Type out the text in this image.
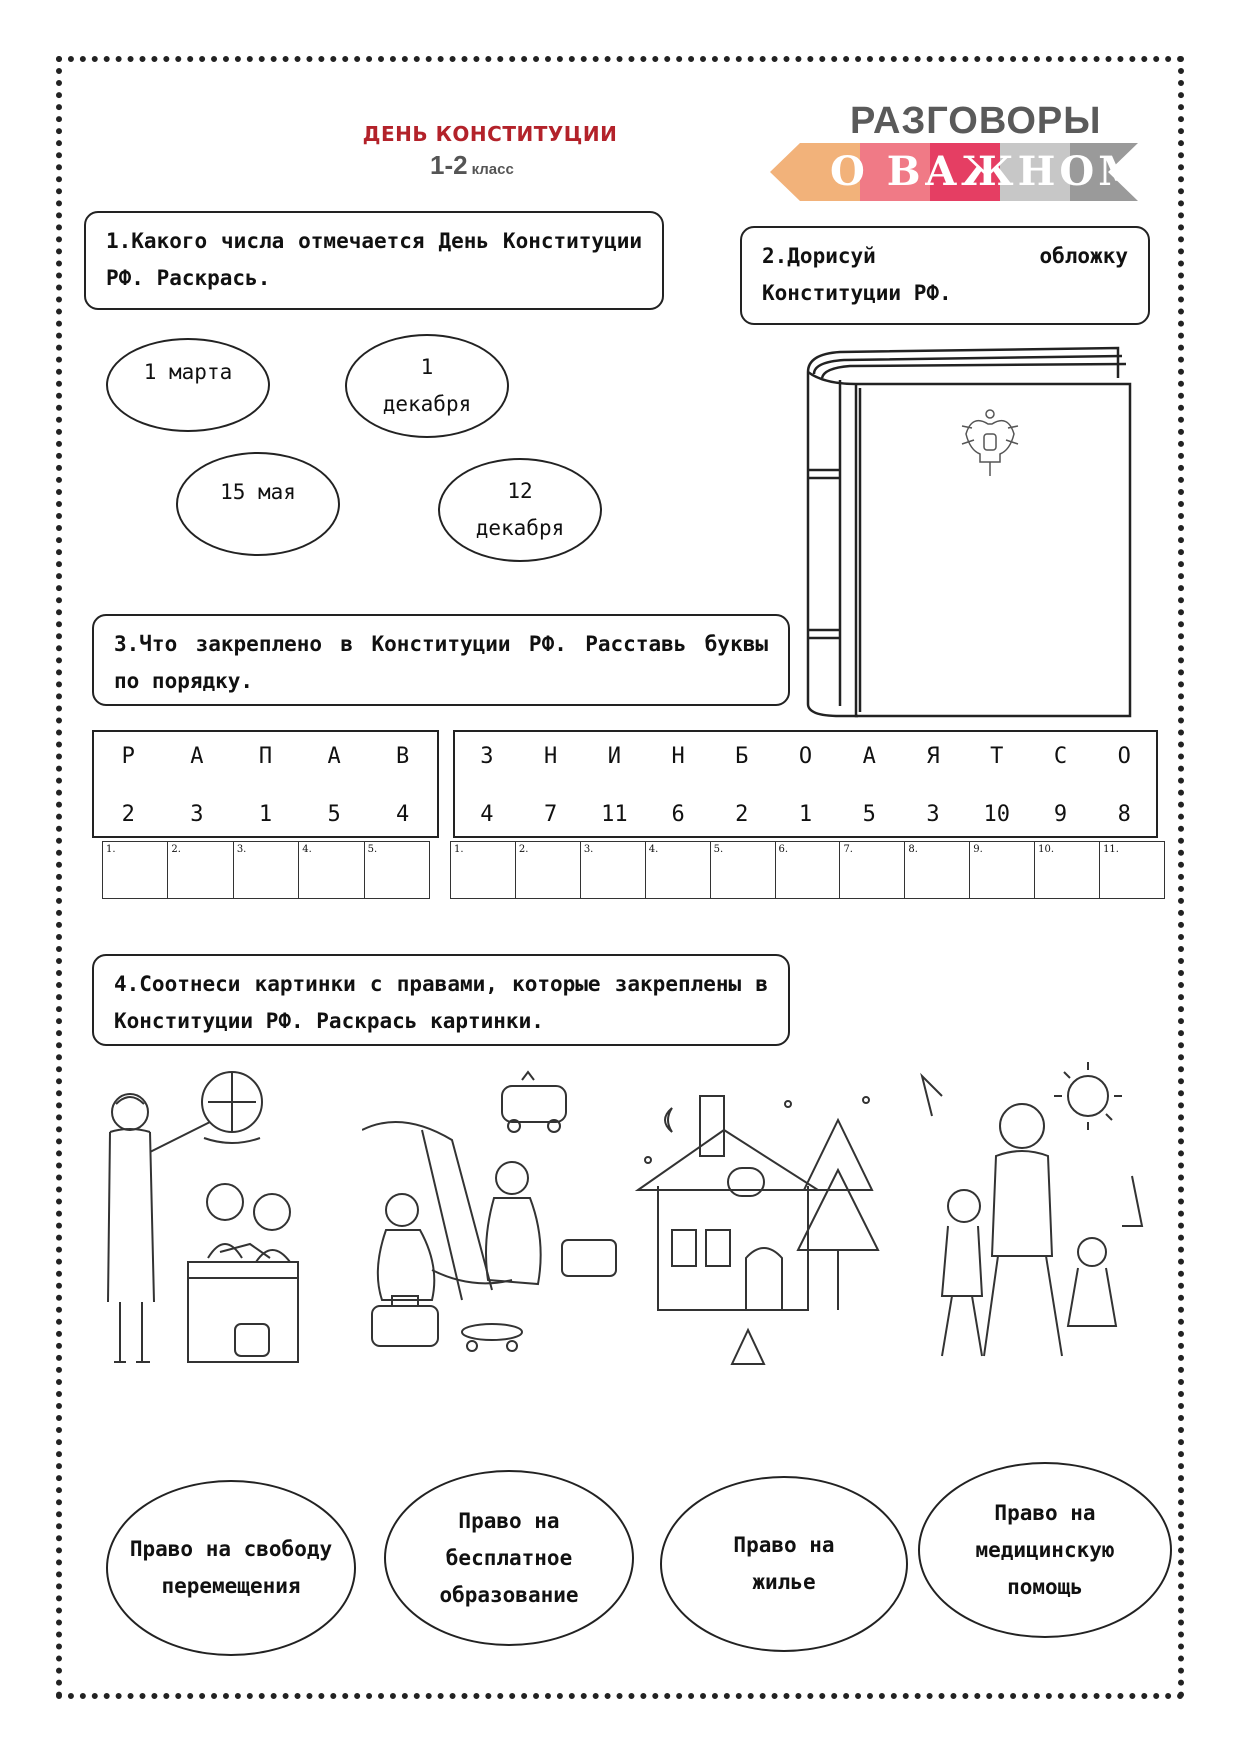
ДЕНЬ КОНСТИТУЦИИ
1-2 класс
РАЗГОВОРЫ
О ВАЖНОМ
1.Какого числа отмечается День Конституции РФ. Раскрась.
1 марта	1 декабря
15 мая	12 декабря
2.Дорисуй	обложку
Конституции РФ.
3.Что закреплено в Конституции РФ. Расставь буквы по порядку.
Р	А	П	А	В
2	3	1	5	4
З	Н	И	Н	Б	О	А	Я	Т	С	О
4	7	11	6	2	1	5	3	10	9	8
1.	2.	3.	4.	5.	1.	2.	3.	4.	5.	6.	7.	8.	9.	10.	11.
4.Соотнеси картинки с правами, которые закреплены в Конституции РФ. Раскрась картинки.
Право на свободу перемещения
Право на бесплатное образование
Право на жилье
Право на медицинскую помощь
